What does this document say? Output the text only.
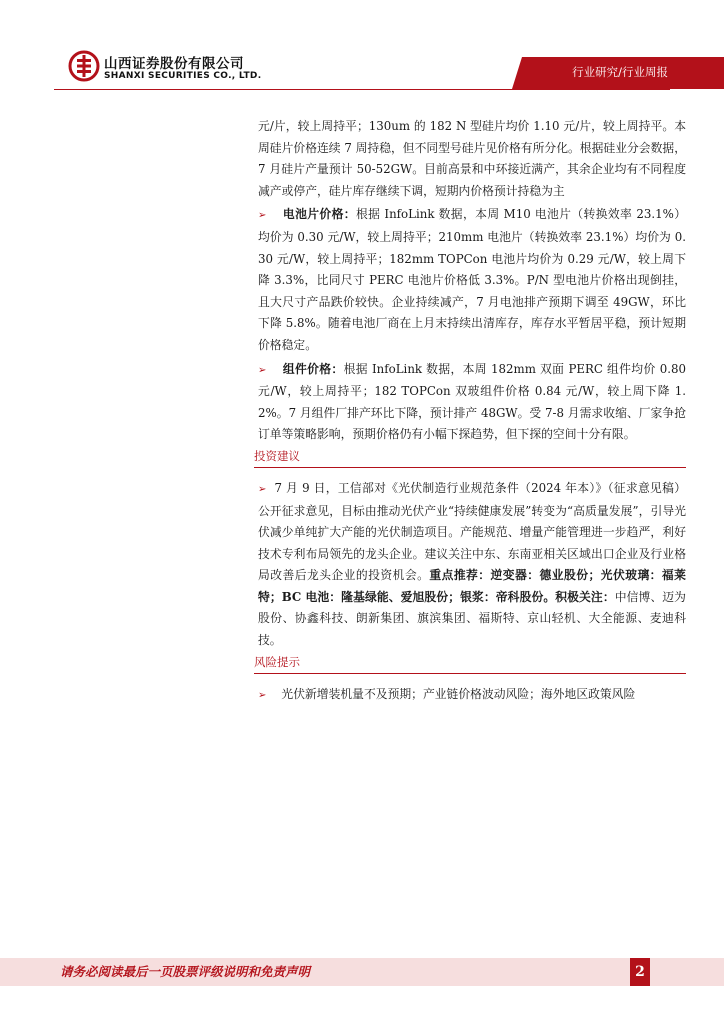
山西证券股份有限公司
SHANXI SECURITIES CO., LTD.	行业研究/行业周报

元/片，较上周持平；130um 的 182 N 型硅片均价 1.10 元/片，较上周持平。本周硅片价格连续 7 周持稳，但不同型号硅片见价格有所分化。根据硅业分会数据，7 月硅片产量预计 50-52GW。目前高景和中环接近满产，其余企业均有不同程度减产或停产，硅片库存继续下调，短期内价格预计持稳为主

➢ 电池片价格：根据 InfoLink 数据，本周 M10 电池片（转换效率 23.1%）均价为 0.30 元/W，较上周持平；210mm 电池片（转换效率 23.1%）均价为 0.30 元/W，较上周持平；182mm TOPCon 电池片均价为 0.29 元/W，较上周下降 3.3%，比同尺寸 PERC 电池片价格低 3.3%。P/N 型电池片价格出现倒挂，且大尺寸产品跌价较快。企业持续减产，7 月电池排产预期下调至 49GW，环比下降 5.8%。随着电池厂商在上月末持续出清库存，库存水平暂居平稳，预计短期价格稳定。

➢ 组件价格：根据 InfoLink 数据，本周 182mm 双面 PERC 组件均价 0.80 元/W，较上周持平；182 TOPCon 双玻组件价格 0.84 元/W，较上周下降 1.2%。7 月组件厂排产环比下降，预计排产 48GW。受 7-8 月需求收缩、厂家争抢订单等策略影响，预期价格仍有小幅下探趋势，但下探的空间十分有限。

投资建议

➢ 7 月 9 日，工信部对《光伏制造行业规范条件（2024 年本）》（征求意见稿）公开征求意见，目标由推动光伏产业“持续健康发展”转变为“高质量发展”，引导光伏减少单纯扩大产能的光伏制造项目。产能规范、增量产能管理进一步趋严，利好技术专利布局领先的龙头企业。建议关注中东、东南亚相关区域出口企业及行业格局改善后龙头企业的投资机会。重点推荐：逆变器：德业股份；光伏玻璃：福莱特；BC 电池：隆基绿能、爱旭股份；银浆：帝科股份。积极关注：中信博、迈为股份、协鑫科技、朗新集团、旗滨集团、福斯特、京山轻机、大全能源、麦迪科技。

风险提示

➢ 光伏新增装机量不及预期；产业链价格波动风险；海外地区政策风险

请务必阅读最后一页股票评级说明和免责声明	2
